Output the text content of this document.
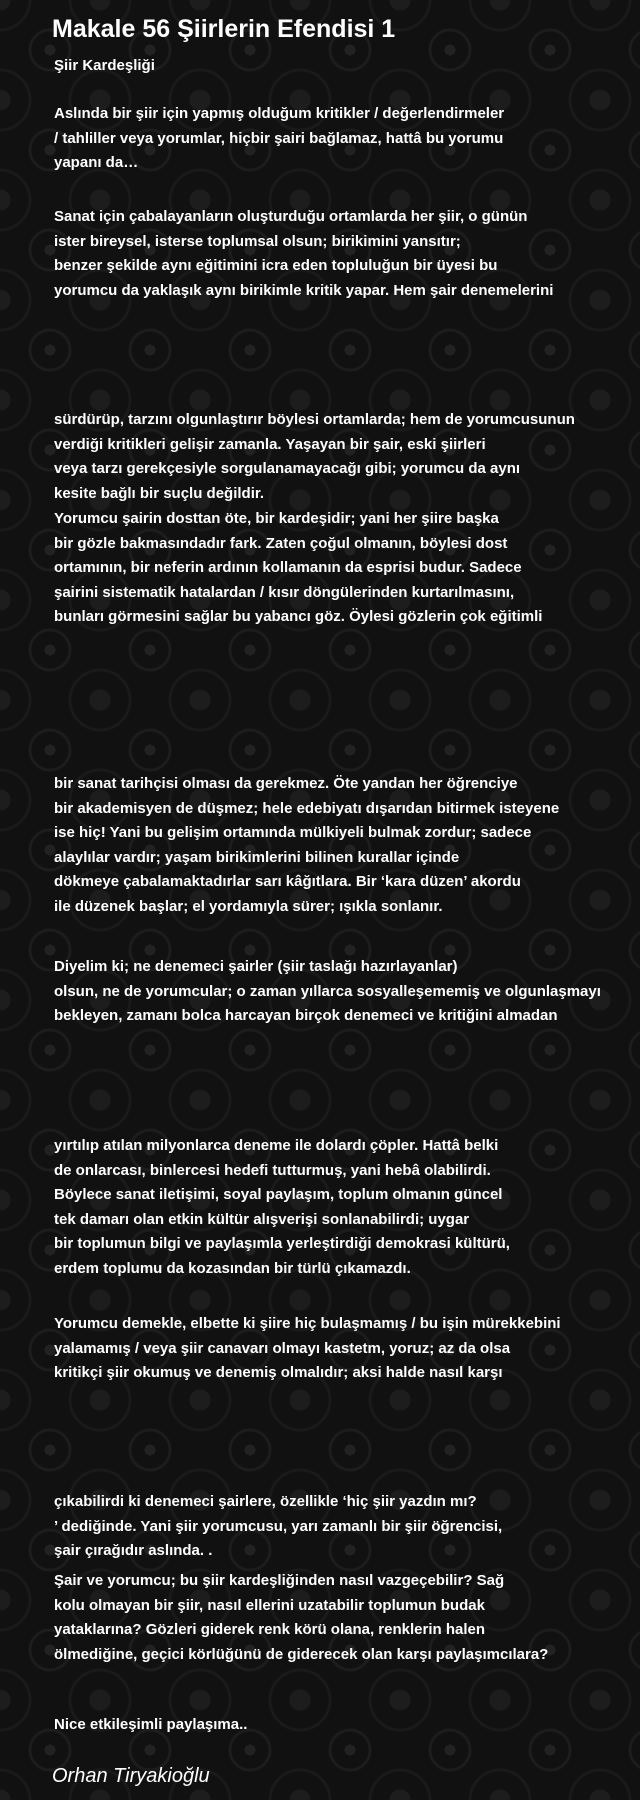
Makale 56 Şiirlerin Efendisi 1

Şiir Kardeşliği

Aslında bir şiir için yapmış olduğum kritikler / değerlendirmeler
/ tahliller veya yorumlar, hiçbir şairi bağlamaz, hattâ bu yorumu
yapanı da…

Sanat için çabalayanların oluşturduğu ortamlarda her şiir, o günün
ister bireysel, isterse toplumsal olsun; birikimini yansıtır;
benzer şekilde aynı eğitimini icra eden topluluğun bir üyesi bu
yorumcu da yaklaşık aynı birikimle kritik yapar. Hem şair denemelerini

sürdürüp, tarzını olgunlaştırır böylesi ortamlarda; hem de yorumcusunun
verdiği kritikleri gelişir zamanla. Yaşayan bir şair, eski şiirleri
veya tarzı gerekçesiyle sorgulanamayacağı gibi; yorumcu da aynı
kesite bağlı bir suçlu değildir.

Yorumcu şairin dosttan öte, bir kardeşidir; yani her şiire başka
bir gözle bakmasındadır fark. Zaten çoğul olmanın, böylesi dost
ortamının, bir neferin ardının kollamanın da esprisi budur. Sadece
şairini sistematik hatalardan / kısır döngülerinden kurtarılmasını,
bunları görmesini sağlar bu yabancı göz. Öylesi gözlerin çok eğitimli

bir sanat tarihçisi olması da gerekmez. Öte yandan her öğrenciye
bir akademisyen de düşmez; hele edebiyatı dışarıdan bitirmek isteyene
ise hiç! Yani bu gelişim ortamında mülkiyeli bulmak zordur; sadece
alaylılar vardır; yaşam birikimlerini bilinen kurallar içinde
dökmeye çabalamaktadırlar sarı kâğıtlara. Bir ‘kara düzen’ akordu
ile düzenek başlar; el yordamıyla sürer; ışıkla sonlanır.

Diyelim ki; ne denemeci şairler (şiir taslağı hazırlayanlar)
olsun, ne de yorumcular; o zaman yıllarca sosyalleşememiş ve olgunlaşmayı
bekleyen, zamanı bolca harcayan birçok denemeci ve kritiğini almadan

yırtılıp atılan milyonlarca deneme ile dolardı çöpler. Hattâ belki
de onlarcası, binlercesi hedefi tutturmuş, yani hebâ olabilirdi.
Böylece sanat iletişimi, soyal paylaşım, toplum olmanın güncel
tek damarı olan etkin kültür alışverişi sonlanabilirdi; uygar
bir toplumun bilgi ve paylaşımla yerleştirdiği demokrasi kültürü,
erdem toplumu da kozasından bir türlü çıkamazdı.

Yorumcu demekle, elbette ki şiire hiç bulaşmamış / bu işin mürekkebini
yalamamış / veya şiir canavarı olmayı kastetm, yoruz; az da olsa
kritikçi şiir okumuş ve denemiş olmalıdır; aksi halde nasıl karşı

çıkabilirdi ki denemeci şairlere, özellikle ‘hiç şiir yazdın mı?
’ dediğinde. Yani şiir yorumcusu, yarı zamanlı bir şiir öğrencisi,
şair çırağıdır aslında. .

Şair ve yorumcu; bu şiir kardeşliğinden nasıl vazgeçebilir? Sağ
kolu olmayan bir şiir, nasıl ellerini uzatabilir toplumun budak
yataklarına? Gözleri giderek renk körü olana, renklerin halen
ölmediğine, geçici körlüğünü de giderecek olan karşı paylaşımcılara?

Nice etkileşimli paylaşıma..

Orhan Tiryakioğlu
